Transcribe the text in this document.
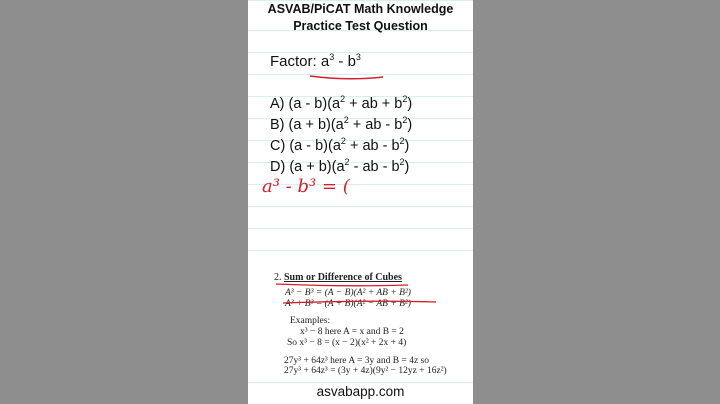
ASVAB/PiCAT Math Knowledge
Practice Test Question
Factor: $a^3 - b^3$
A) $(a - b)(a^2$ + ab + $b^2$)
B) $(a + b)(a^2$ + ab - $b^2$)
C) $(a - b)(a^2$ + ab - $b^2$)
D) $(a + b)(a^2$ - ab - $b^2$)
a³ - b³ = (
2. Sum or Difference of Cubes
A³ − B³ = (A − B)(A² + AB + B²)
A³ + B³ = (A + B)(A² − AB + B²)
Examples:
x³ − 8 here A = x and B = 2
So x³ − 8 = (x − 2)(x² + 2x + 4)
27y³ + 64z³ here A = 3y and B = 4z so
27y³ + 64z³ = (3y + 4z)(9y² − 12yz + 16z²)
asvabapp.com
